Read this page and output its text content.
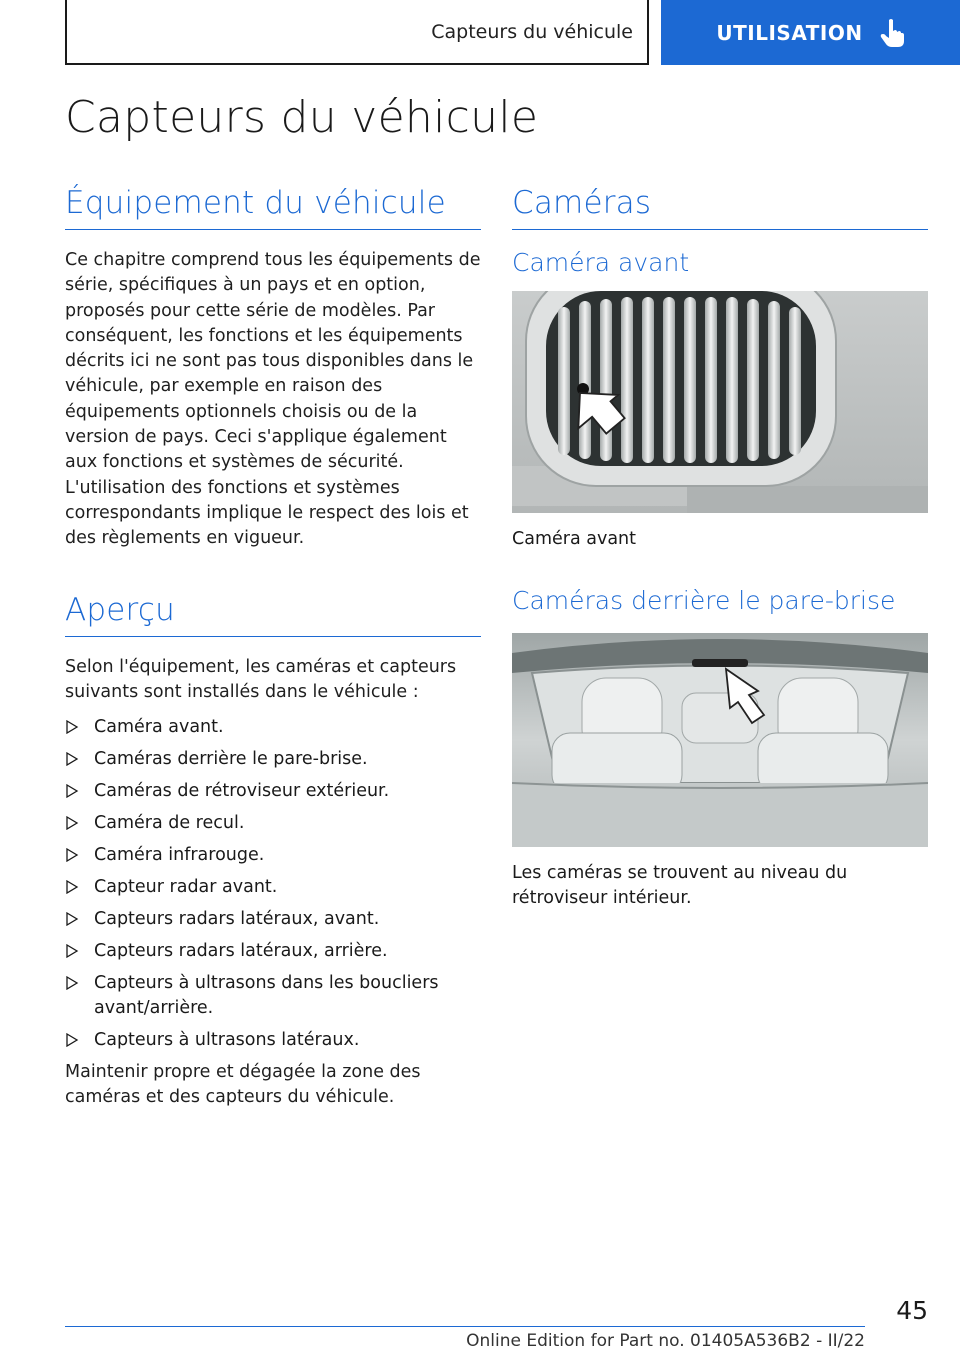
Capteurs du véhicule	UTILISATION
Capteurs du véhicule
Équipement du véhicule

Ce chapitre comprend tous les équipements de série, spécifiques à un pays et en option, proposés pour cette série de modèles. Par conséquent, les fonctions et les équipements décrits ici ne sont pas tous disponibles dans le véhicule, par exemple en raison des équipements optionnels choisis ou de la version de pays. Ceci s'applique également aux fonctions et systèmes de sécurité. L'utilisation des fonctions et systèmes correspondants implique le respect des lois et des règlements en vigueur.

Aperçu

Selon l'équipement, les caméras et capteurs suivants sont installés dans le véhicule :

Caméra avant.
Caméras derrière le pare-brise.
Caméras de rétroviseur extérieur.
Caméra de recul.
Caméra infrarouge.
Capteur radar avant.
Capteurs radars latéraux, avant.
Capteurs radars latéraux, arrière.
Capteurs à ultrasons dans les boucliers avant/arrière.
Capteurs à ultrasons latéraux.

Maintenir propre et dégagée la zone des caméras et des capteurs du véhicule.

Caméras
Caméra avant

Caméra avant

Caméras derrière le pare-brise

Les caméras se trouvent au niveau du rétroviseur intérieur.

45
Online Edition for Part no. 01405A536B2 - II/22
